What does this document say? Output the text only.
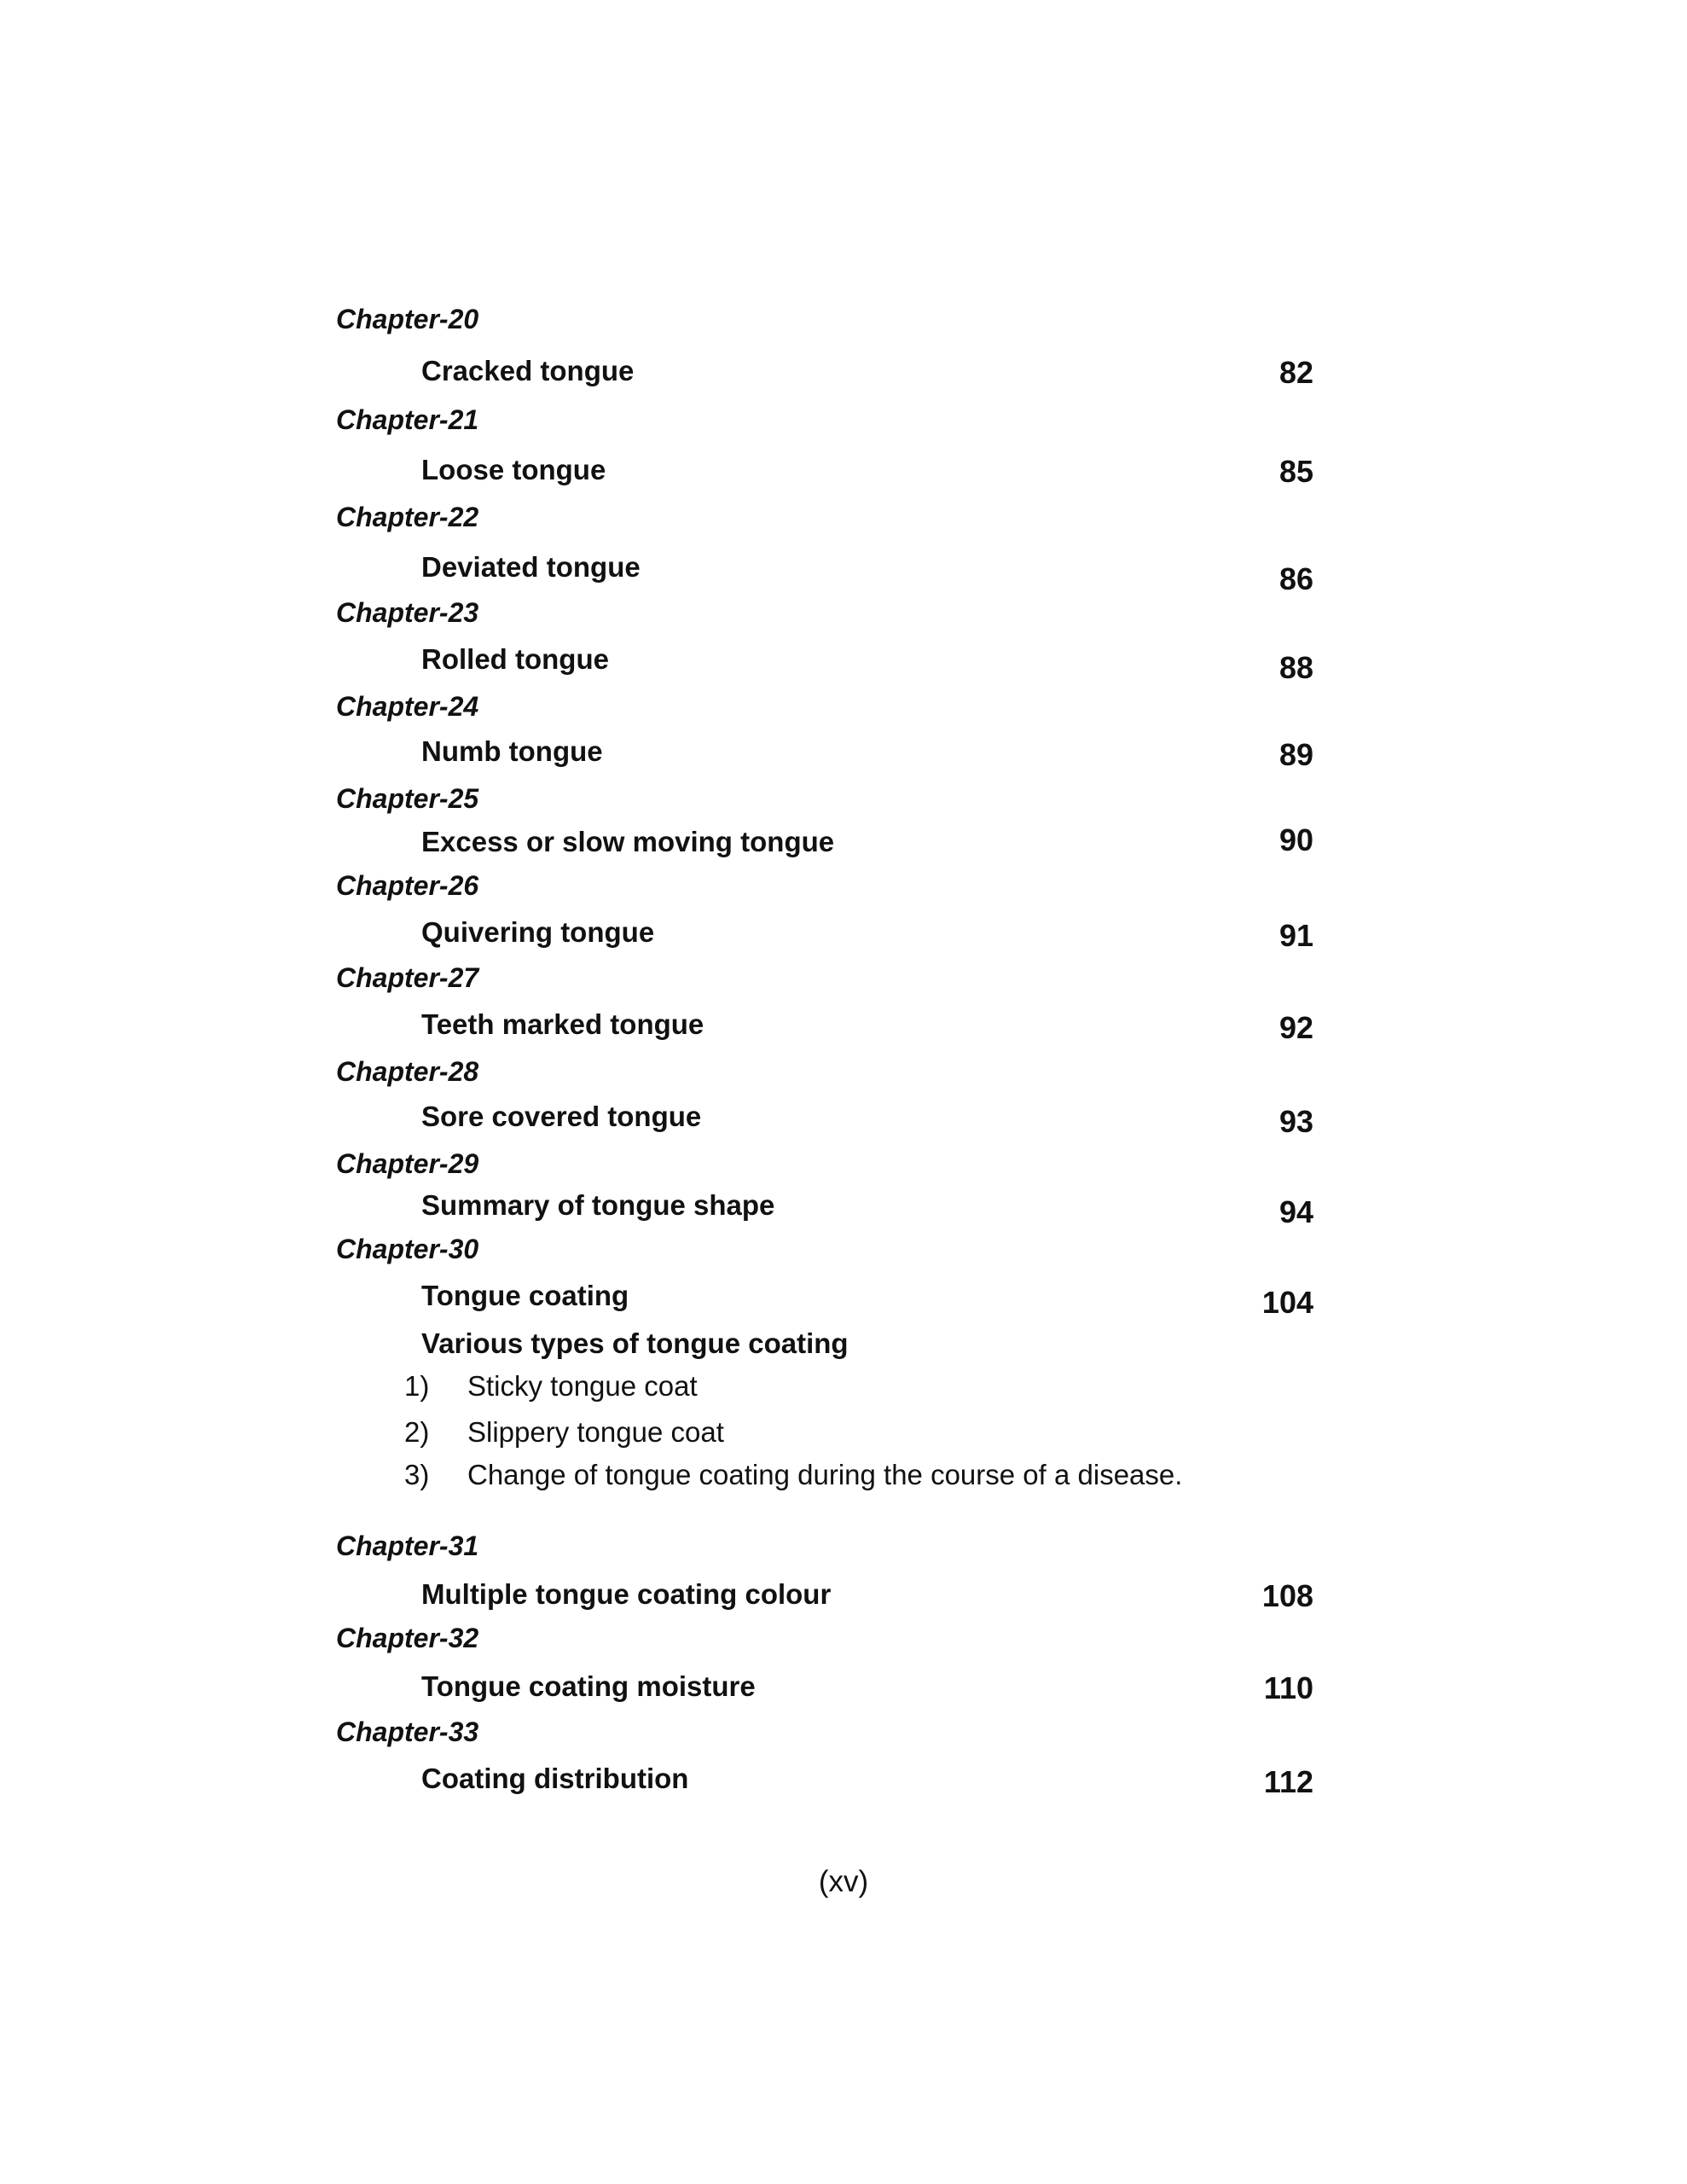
Chapter-20
Cracked tongue	82
Chapter-21
Loose tongue	85
Chapter-22
Deviated tongue	86
Chapter-23
Rolled tongue	88
Chapter-24
Numb tongue	89
Chapter-25
Excess or slow moving tongue	90
Chapter-26
Quivering tongue	91
Chapter-27
Teeth marked tongue	92
Chapter-28
Sore covered tongue	93
Chapter-29
Summary of tongue shape	94
Chapter-30
Tongue coating	104
Various types of tongue coating
1) Sticky tongue coat
2) Slippery tongue coat
3) Change of tongue coating during the course of a disease.
Chapter-31
Multiple tongue coating colour	108
Chapter-32
Tongue coating moisture	110
Chapter-33
Coating distribution	112
(xv)
